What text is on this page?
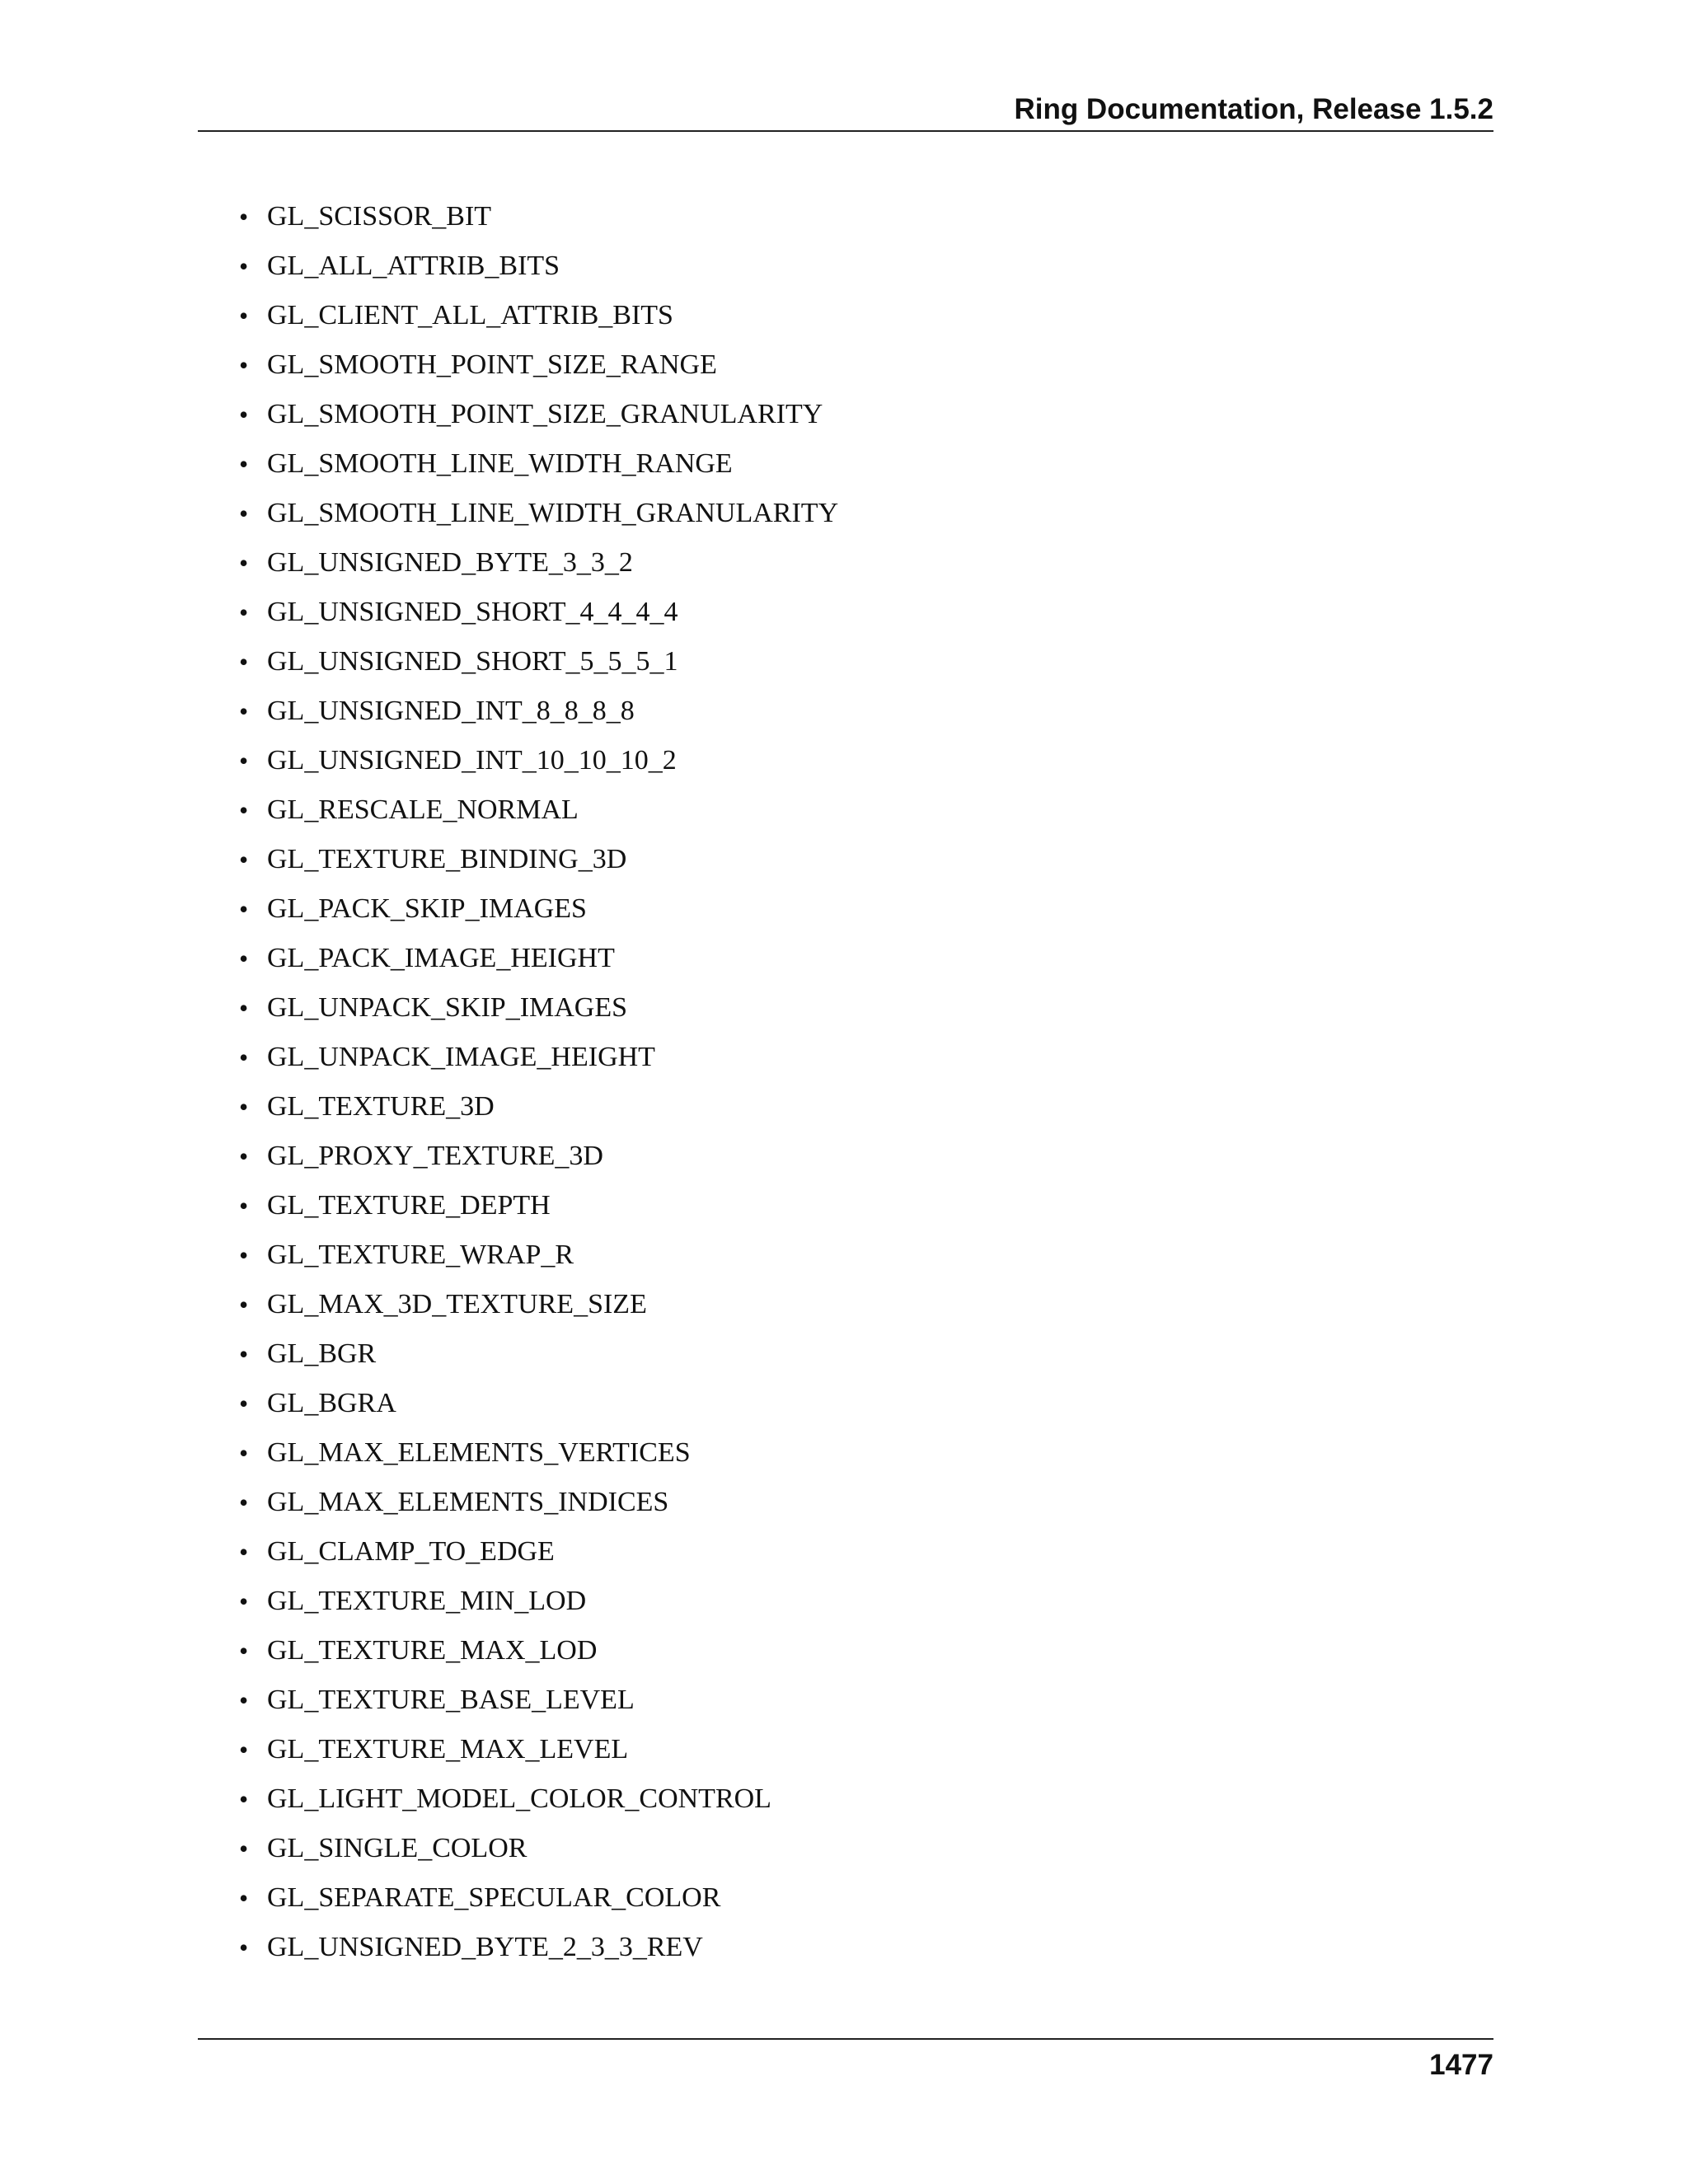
Ring Documentation, Release 1.5.2
• GL_SCISSOR_BIT
• GL_ALL_ATTRIB_BITS
• GL_CLIENT_ALL_ATTRIB_BITS
• GL_SMOOTH_POINT_SIZE_RANGE
• GL_SMOOTH_POINT_SIZE_GRANULARITY
• GL_SMOOTH_LINE_WIDTH_RANGE
• GL_SMOOTH_LINE_WIDTH_GRANULARITY
• GL_UNSIGNED_BYTE_3_3_2
• GL_UNSIGNED_SHORT_4_4_4_4
• GL_UNSIGNED_SHORT_5_5_5_1
• GL_UNSIGNED_INT_8_8_8_8
• GL_UNSIGNED_INT_10_10_10_2
• GL_RESCALE_NORMAL
• GL_TEXTURE_BINDING_3D
• GL_PACK_SKIP_IMAGES
• GL_PACK_IMAGE_HEIGHT
• GL_UNPACK_SKIP_IMAGES
• GL_UNPACK_IMAGE_HEIGHT
• GL_TEXTURE_3D
• GL_PROXY_TEXTURE_3D
• GL_TEXTURE_DEPTH
• GL_TEXTURE_WRAP_R
• GL_MAX_3D_TEXTURE_SIZE
• GL_BGR
• GL_BGRA
• GL_MAX_ELEMENTS_VERTICES
• GL_MAX_ELEMENTS_INDICES
• GL_CLAMP_TO_EDGE
• GL_TEXTURE_MIN_LOD
• GL_TEXTURE_MAX_LOD
• GL_TEXTURE_BASE_LEVEL
• GL_TEXTURE_MAX_LEVEL
• GL_LIGHT_MODEL_COLOR_CONTROL
• GL_SINGLE_COLOR
• GL_SEPARATE_SPECULAR_COLOR
• GL_UNSIGNED_BYTE_2_3_3_REV
1477
